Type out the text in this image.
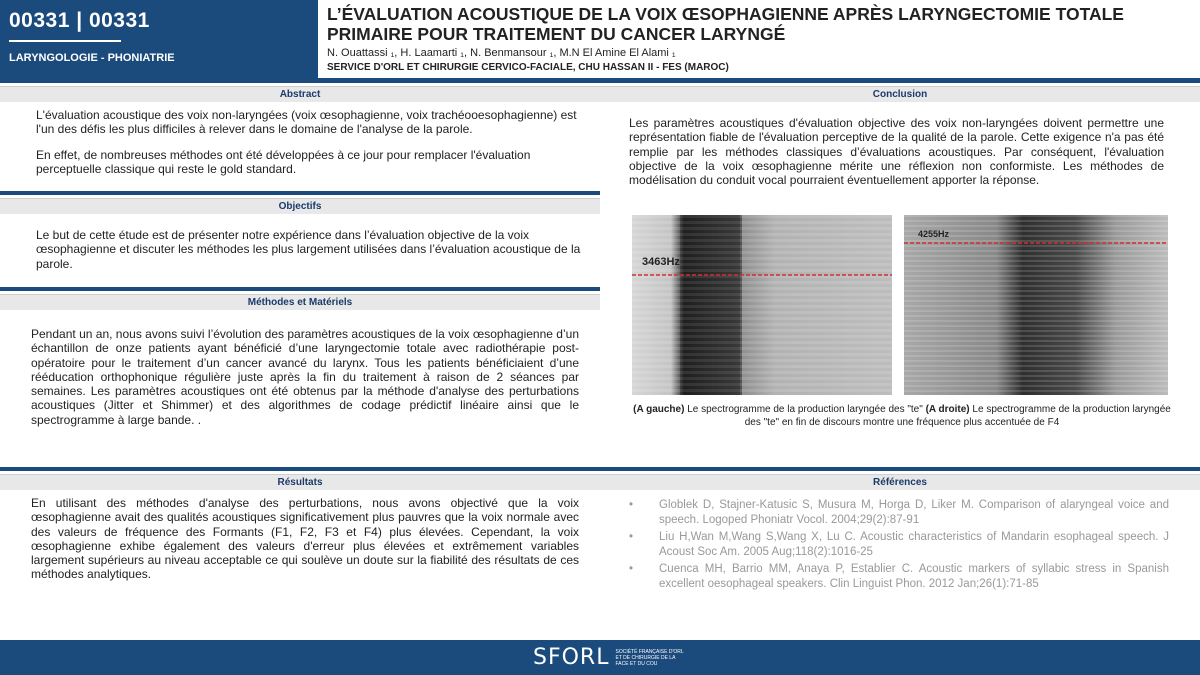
00331 | 00331
LARYNGOLOGIE - PHONIATRIE
L’ÉVALUATION ACOUSTIQUE DE LA VOIX ŒSOPHAGIENNE APRÈS LARYNGECTOMIE TOTALE
PRIMAIRE POUR TRAITEMENT DU CANCER LARYNGÉ
N. Ouattassi ₁, H. Laamarti ₁, N. Benmansour ₁, M.N El Amine El Alami ₁
SERVICE D'ORL ET CHIRURGIE CERVICO-FACIALE, CHU HASSAN II - FES (MAROC)
Abstract
L'évaluation acoustique des voix non-laryngées (voix œsophagienne, voix trachéooesophagienne) est l'un des défis les plus difficiles à relever dans le domaine de l'analyse de la parole.
En effet, de nombreuses méthodes ont été développées à ce jour pour remplacer l'évaluation perceptuelle classique qui reste le gold standard.
Objectifs
Le but de cette étude est de présenter notre expérience dans l’évaluation objective de la voix œsophagienne et discuter les méthodes les plus largement utilisées dans l’évaluation acoustique de la parole.
Méthodes et Matériels
Pendant un an, nous avons suivi l’évolution des paramètres acoustiques de la voix œsophagienne d’un échantillon de onze patients ayant bénéficié d’une laryngectomie totale avec radiothérapie post-opératoire pour le traitement d’un cancer avancé du larynx. Tous les patients bénéficiaient d’une rééducation orthophonique régulière juste après la fin du traitement à raison de 2 séances par semaines. Les paramètres acoustiques ont été obtenus par la méthode d'analyse des perturbations acoustiques (Jitter et Shimmer) et des algorithmes de codage prédictif linéaire ainsi que le spectrogramme à large bande. .
Résultats
En utilisant des méthodes d'analyse des perturbations, nous avons objectivé que la voix œsophagienne avait des qualités acoustiques significativement plus pauvres que la voix normale avec des valeurs de fréquence des Formants (F1, F2, F3 et F4) plus élevées. Cependant, la voix œsophagienne exhibe également des valeurs d'erreur plus élevées et extrêmement variables largement supérieurs au niveau acceptable ce qui soulève un doute sur la fiabilité des résultats de ces méthodes analytiques.
Conclusion
Les paramètres acoustiques d'évaluation objective des voix non-laryngées doivent permettre une représentation fiable de l'évaluation perceptive de la qualité de la parole. Cette exigence n'a pas été remplie par les méthodes classiques d’évaluations acoustiques. Par conséquent, l'évaluation objective de la voix œsophagienne mérite une réflexion non conformiste. Les méthodes de modélisation du conduit vocal pourraient éventuellement apporter la réponse.
3463Hz
4255Hz
(A gauche) Le spectrogramme de la production laryngée des "te" (A droite) Le spectrogramme de la production laryngée des "te" en fin de discours montre une fréquence plus accentuée de F4
Références
• Globlek D, Stajner-Katusic S, Musura M, Horga D, Liker M. Comparison of alaryngeal voice and speech. Logoped Phoniatr Vocol. 2004;29(2):87-91
• Liu H,Wan M,Wang S,Wang X, Lu C. Acoustic characteristics of Mandarin esophageal speech. J Acoust Soc Am. 2005 Aug;118(2):1016-25
• Cuenca MH, Barrio MM, Anaya P, Establier C. Acoustic markers of syllabic stress in Spanish excellent oesophageal speakers. Clin Linguist Phon. 2012 Jan;26(1):71-85
SFORL SOCIÉTÉ FRANÇAISE D'ORL ET DE CHIRURGIE DE LA FACE ET DU COU
